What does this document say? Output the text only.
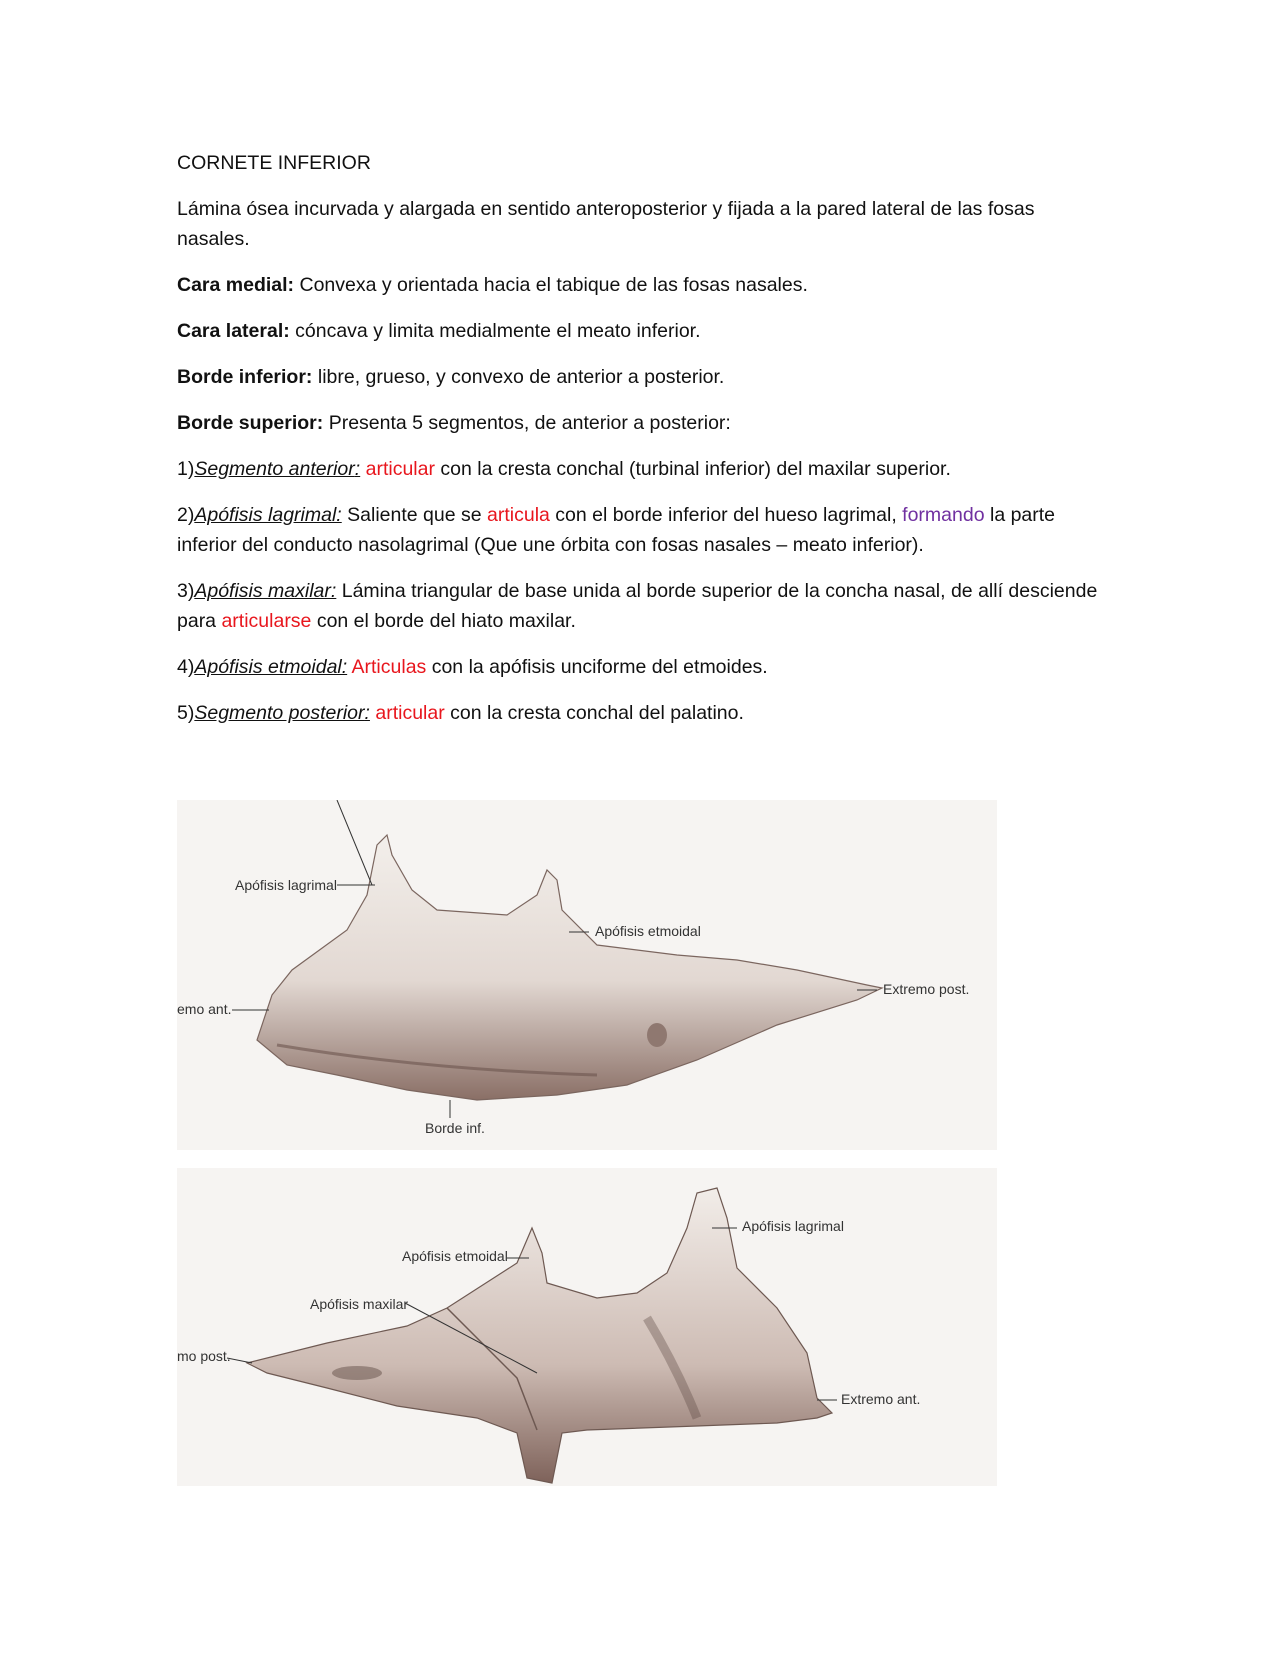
CORNETE INFERIOR

Lámina ósea incurvada y alargada en sentido anteroposterior y fijada a la pared lateral de las fosas nasales.

Cara medial: Convexa y orientada hacia el tabique de las fosas nasales.

Cara lateral: cóncava y limita medialmente el meato inferior.

Borde inferior: libre, grueso, y convexo de anterior a posterior.

Borde superior: Presenta 5 segmentos, de anterior a posterior:

1)Segmento anterior: articular con la cresta conchal (turbinal inferior) del maxilar superior.

2)Apófisis lagrimal: Saliente que se articula con el borde inferior del hueso lagrimal, formando la parte inferior del conducto nasolagrimal (Que une órbita con fosas nasales – meato inferior).

3)Apófisis maxilar: Lámina triangular de base unida al borde superior de la concha nasal, de allí desciende para articularse con el borde del hiato maxilar.

4)Apófisis etmoidal: Articulas con la apófisis unciforme del etmoides.

5)Segmento posterior: articular con la cresta conchal del palatino.

Apófisis lagrimal
Apófisis etmoidal
emo ant.
Extremo post.
Borde inf.
Apófisis etmoidal
Apófisis lagrimal
Apófisis maxilar
mo post.
Extremo ant.
